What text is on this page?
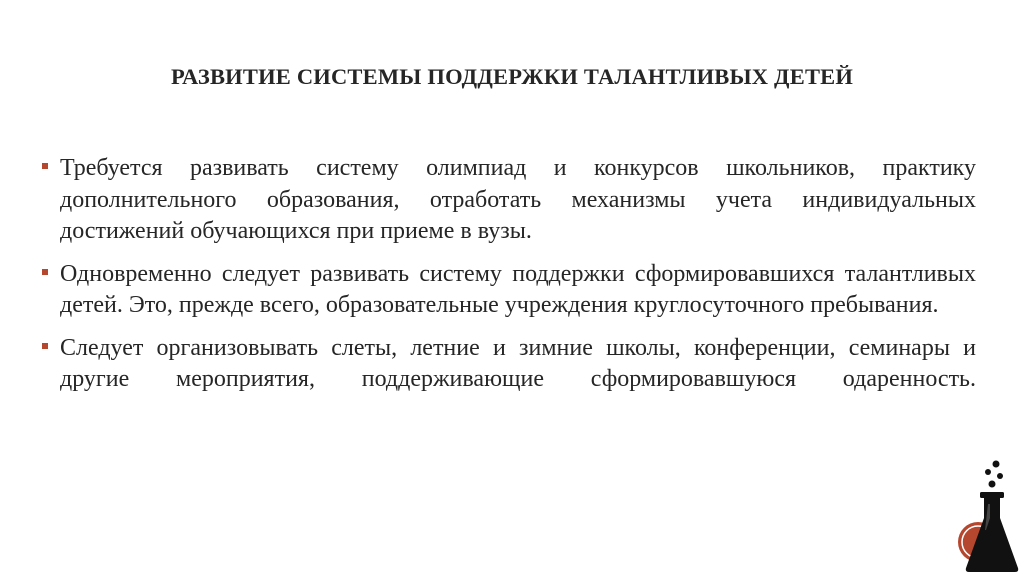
РАЗВИТИЕ СИСТЕМЫ ПОДДЕРЖКИ ТАЛАНТЛИВЫХ ДЕТЕЙ
Требуется развивать систему олимпиад и конкурсов школьников, практику дополнительного образования, отработать механизмы учета индивидуальных достижений обучающихся при приеме в вузы.
Одновременно следует развивать систему поддержки сформировавшихся талантливых детей. Это, прежде всего, образовательные учреждения круглосуточного пребывания.
Следует организовывать слеты, летние и зимние школы, конференции, семинары и другие мероприятия, поддерживающие сформировавшуюся одаренность.
